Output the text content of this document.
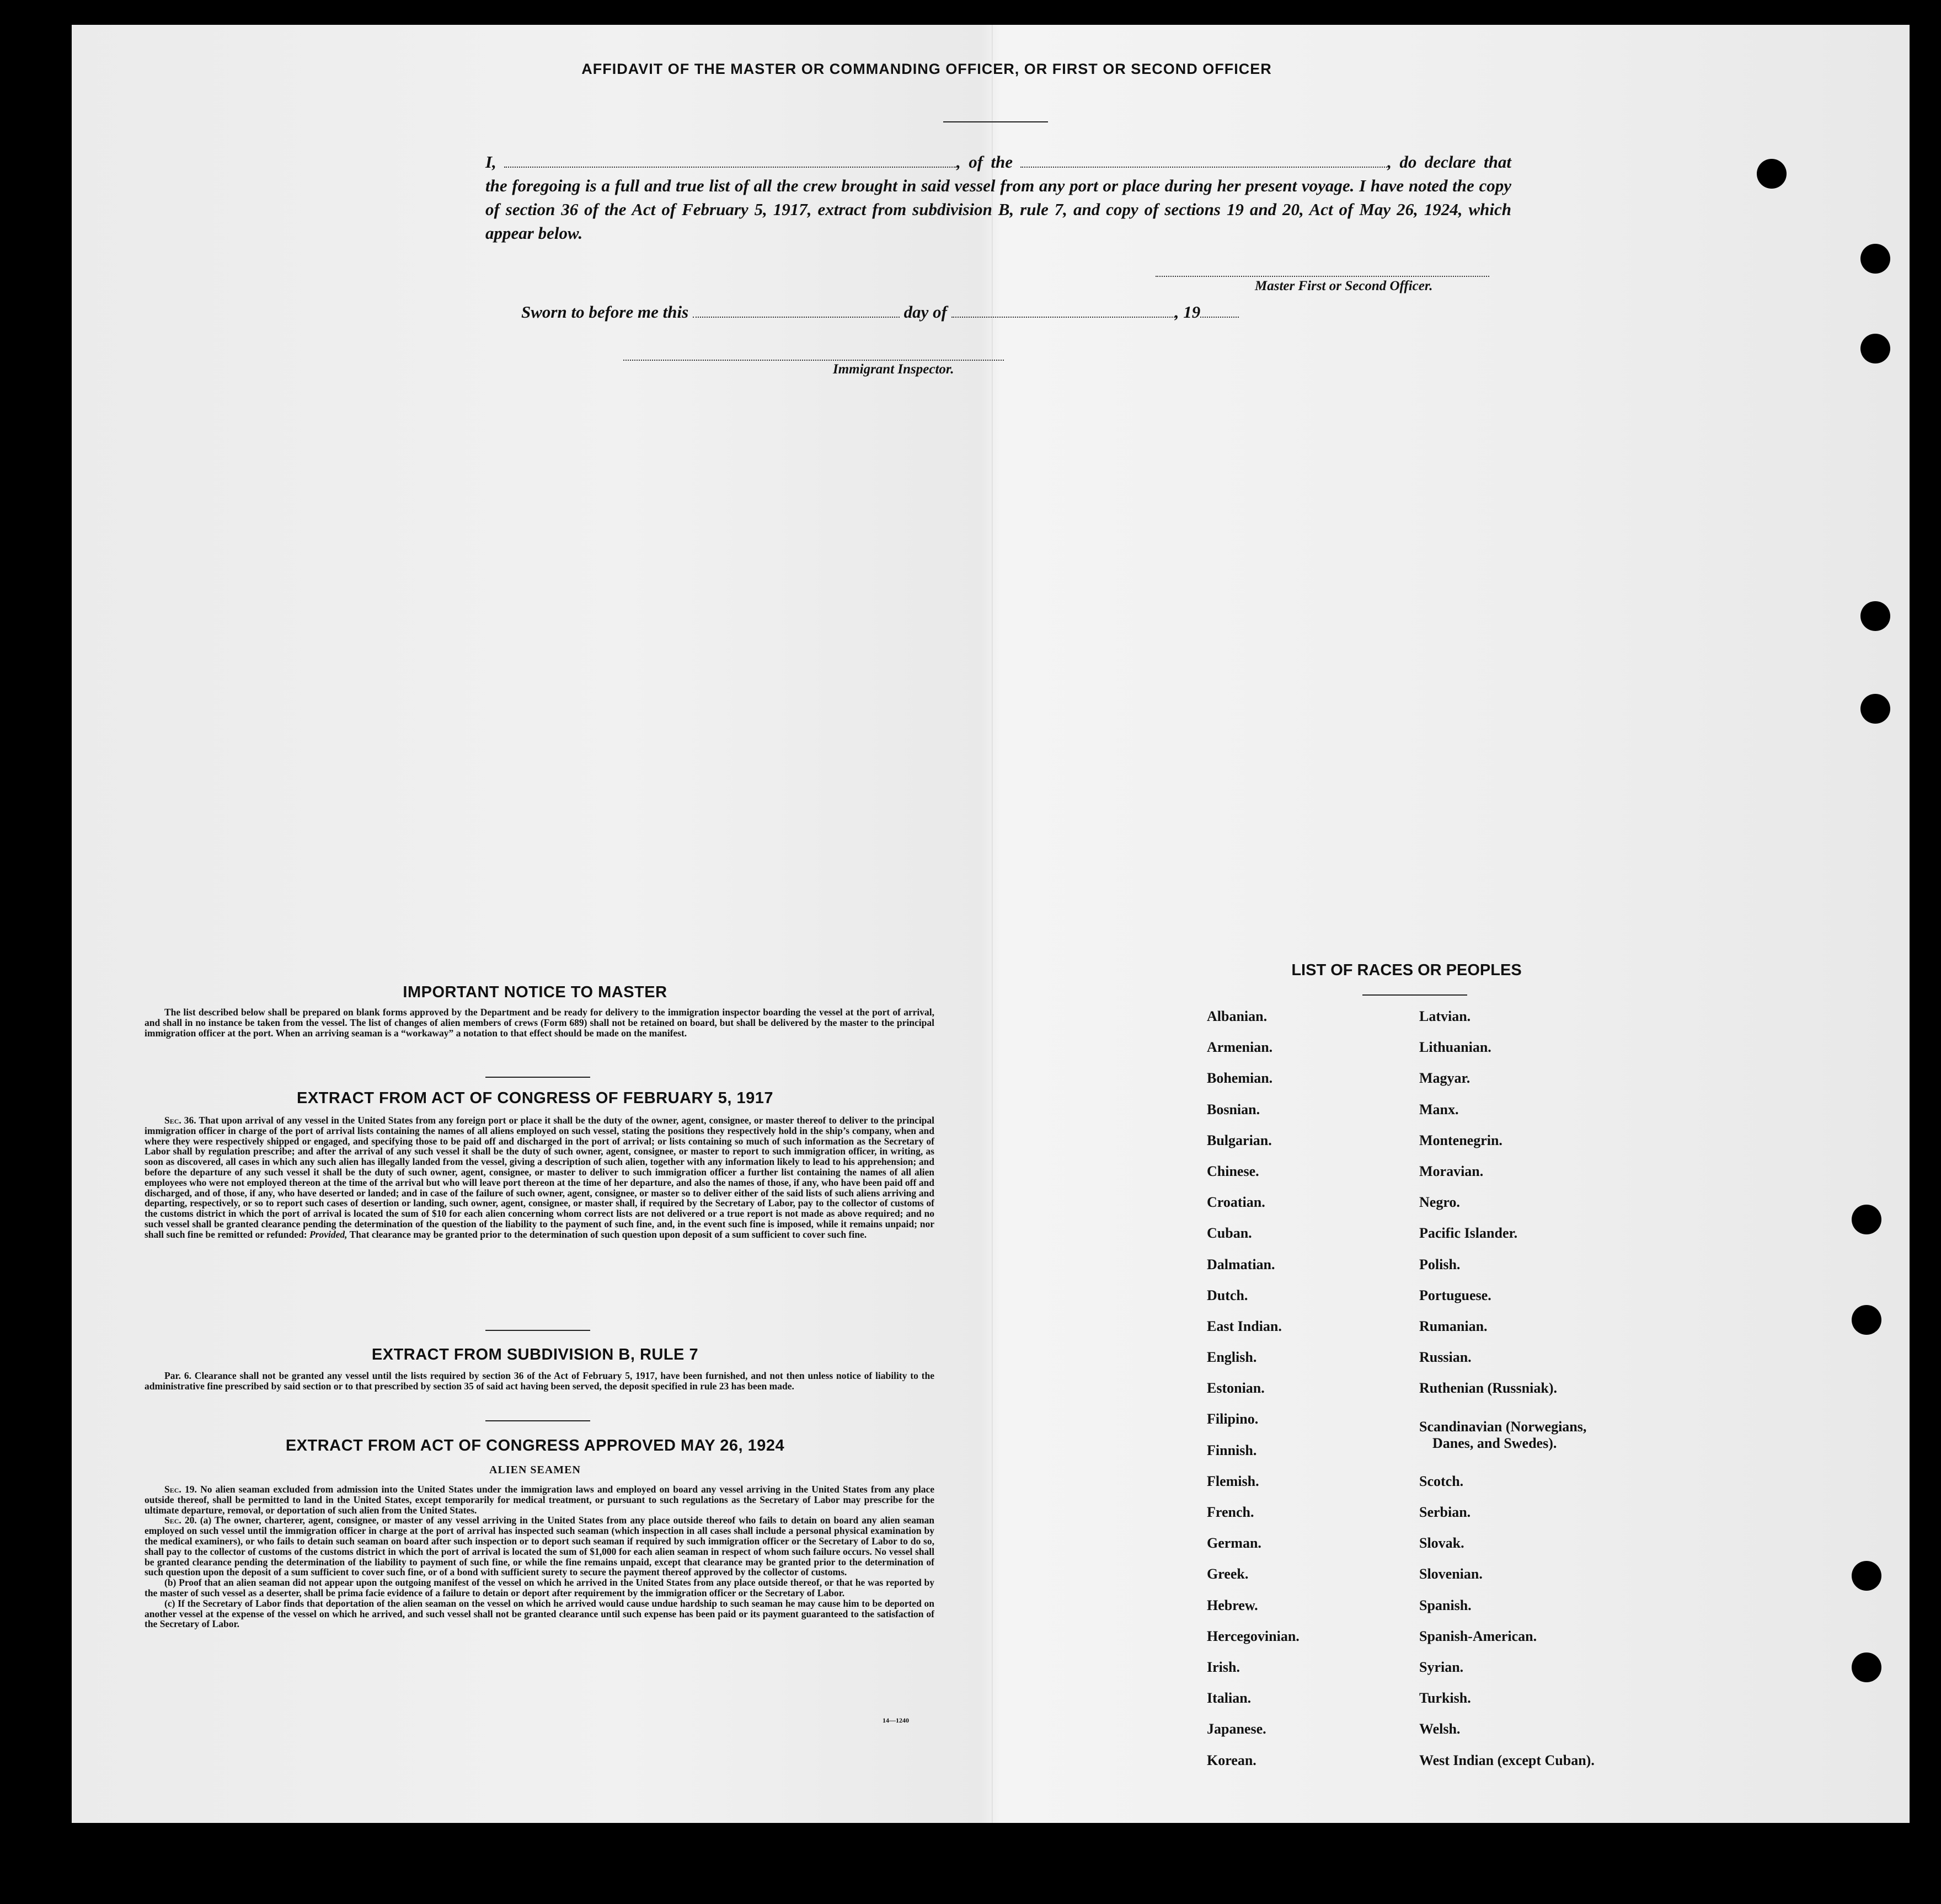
AFFIDAVIT OF THE MASTER OR COMMANDING OFFICER, OR FIRST OR SECOND OFFICER
I,	, of the	, do declare that the foregoing is a full and true list of all the crew brought in said vessel from any port or place during her present voyage. I have noted the copy of section 36 of the Act of February 5, 1917, extract from subdivision B, rule 7, and copy of sections 19 and 20, Act of May 26, 1924, which appear below.
Master First or Second Officer.
Sworn to before me this	day of	, 19
Immigrant Inspector.
IMPORTANT NOTICE TO MASTER

The list described below shall be prepared on blank forms approved by the Department and be ready for delivery to the immigration inspector boarding the vessel at the port of arrival, and shall in no instance be taken from the vessel. The list of changes of alien members of crews (Form 689) shall not be retained on board, but shall be delivered by the master to the principal immigration officer at the port. When an arriving seaman is a “workaway” a notation to that effect should be made on the manifest.

EXTRACT FROM ACT OF CONGRESS OF FEBRUARY 5, 1917

Sec. 36. That upon arrival of any vessel in the United States from any foreign port or place it shall be the duty of the owner, agent, consignee, or master thereof to deliver to the principal immigration officer in charge of the port of arrival lists containing the names of all aliens employed on such vessel, stating the positions they respectively hold in the ship’s company, when and where they were respectively shipped or engaged, and specifying those to be paid off and discharged in the port of arrival; or lists containing so much of such information as the Secretary of Labor shall by regulation prescribe; and after the arrival of any such vessel it shall be the duty of such owner, agent, consignee, or master to report to such immigration officer, in writing, as soon as discovered, all cases in which any such alien has illegally landed from the vessel, giving a description of such alien, together with any information likely to lead to his apprehension; and before the departure of any such vessel it shall be the duty of such owner, agent, consignee, or master to deliver to such immigration officer a further list containing the names of all alien employees who were not employed thereon at the time of the arrival but who will leave port thereon at the time of her departure, and also the names of those, if any, who have been paid off and discharged, and of those, if any, who have deserted or landed; and in case of the failure of such owner, agent, consignee, or master so to deliver either of the said lists of such aliens arriving and departing, respectively, or so to report such cases of desertion or landing, such owner, agent, consignee, or master shall, if required by the Secretary of Labor, pay to the collector of customs of the customs district in which the port of arrival is located the sum of $10 for each alien concerning whom correct lists are not delivered or a true report is not made as above required; and no such vessel shall be granted clearance pending the determination of the question of the liability to the payment of such fine, and, in the event such fine is imposed, while it remains unpaid; nor shall such fine be remitted or refunded: Provided, That clearance may be granted prior to the determination of such question upon deposit of a sum sufficient to cover such fine.

EXTRACT FROM SUBDIVISION B, RULE 7

Par. 6. Clearance shall not be granted any vessel until the lists required by section 36 of the Act of February 5, 1917, have been furnished, and not then unless notice of liability to the administrative fine prescribed by said section or to that prescribed by section 35 of said act having been served, the deposit specified in rule 23 has been made.

EXTRACT FROM ACT OF CONGRESS APPROVED MAY 26, 1924
ALIEN SEAMEN

Sec. 19. No alien seaman excluded from admission into the United States under the immigration laws and employed on board any vessel arriving in the United States from any place outside thereof, shall be permitted to land in the United States, except temporarily for medical treatment, or pursuant to such regulations as the Secretary of Labor may prescribe for the ultimate departure, removal, or deportation of such alien from the United States.

Sec. 20. (a) The owner, charterer, agent, consignee, or master of any vessel arriving in the United States from any place outside thereof who fails to detain on board any alien seaman employed on such vessel until the immigration officer in charge at the port of arrival has inspected such seaman (which inspection in all cases shall include a personal physical examination by the medical examiners), or who fails to detain such seaman on board after such inspection or to deport such seaman if required by such immigration officer or the Secretary of Labor to do so, shall pay to the collector of customs of the customs district in which the port of arrival is located the sum of $1,000 for each alien seaman in respect of whom such failure occurs. No vessel shall be granted clearance pending the determination of the liability to payment of such fine, or while the fine remains unpaid, except that clearance may be granted prior to the determination of such question upon the deposit of a sum sufficient to cover such fine, or of a bond with sufficient surety to secure the payment thereof approved by the collector of customs.

(b) Proof that an alien seaman did not appear upon the outgoing manifest of the vessel on which he arrived in the United States from any place outside thereof, or that he was reported by the master of such vessel as a deserter, shall be prima facie evidence of a failure to detain or deport after requirement by the immigration officer or the Secretary of Labor.

(c) If the Secretary of Labor finds that deportation of the alien seaman on the vessel on which he arrived would cause undue hardship to such seaman he may cause him to be deported on another vessel at the expense of the vessel on which he arrived, and such vessel shall not be granted clearance until such expense has been paid or its payment guaranteed to the satisfaction of the Secretary of Labor.

14—1240
LIST OF RACES OR PEOPLES
Albanian.
Armenian.
Bohemian.
Bosnian.
Bulgarian.
Chinese.
Croatian.
Cuban.
Dalmatian.
Dutch.
East Indian.
English.
Estonian.
Filipino.
Finnish.
Flemish.
French.
German.
Greek.
Hebrew.
Hercegovinian.
Irish.
Italian.
Japanese.
Korean.
Latvian.
Lithuanian.
Magyar.
Manx.
Montenegrin.
Moravian.
Negro.
Pacific Islander.
Polish.
Portuguese.
Rumanian.
Russian.
Ruthenian (Russniak).
Scandinavian (Norwegians,
Danes, and Swedes).
Scotch.
Serbian.
Slovak.
Slovenian.
Spanish.
Spanish-American.
Syrian.
Turkish.
Welsh.
West Indian (except Cuban).
